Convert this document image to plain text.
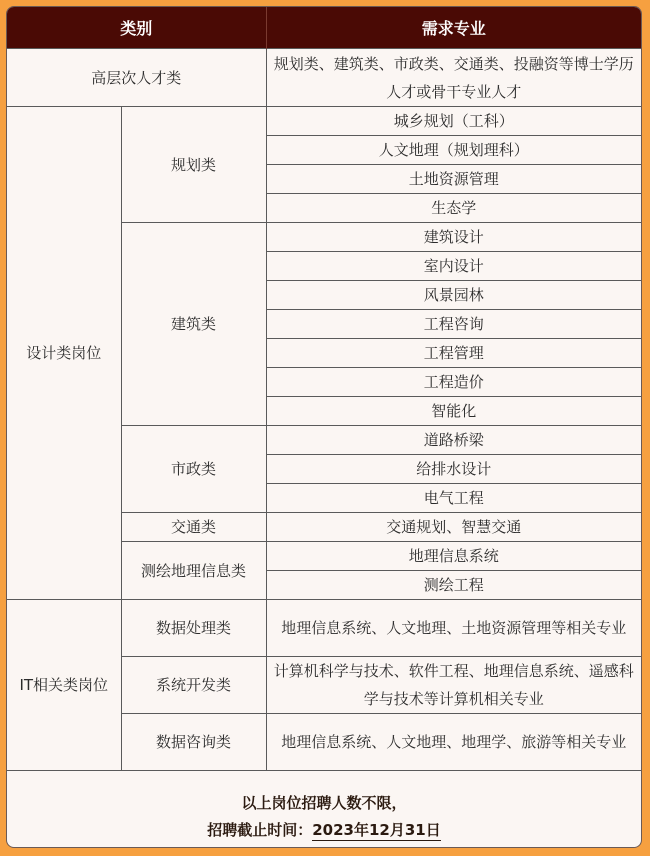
类别		需求专业
高层次人才类		规划类、建筑类、市政类、交通类、投融资等博士学历人才或骨干专业人才
设计类岗位	规划类	城乡规划（工科）
		人文地理（规划理科）
		土地资源管理
		生态学
	建筑类	建筑设计
		室内设计
		风景园林
		工程咨询
		工程管理
		工程造价
		智能化
	市政类	道路桥梁
		给排水设计
		电气工程
	交通类	交通规划、智慧交通
	测绘地理信息类	地理信息系统
		测绘工程
IT相关类岗位	数据处理类	地理信息系统、人文地理、土地资源管理等相关专业
	系统开发类	计算机科学与技术、软件工程、地理信息系统、遥感科学与技术等计算机相关专业
	数据咨询类	地理信息系统、人文地理、地理学、旅游等相关专业
以上岗位招聘人数不限，
招聘截止时间：2023年12月31日
